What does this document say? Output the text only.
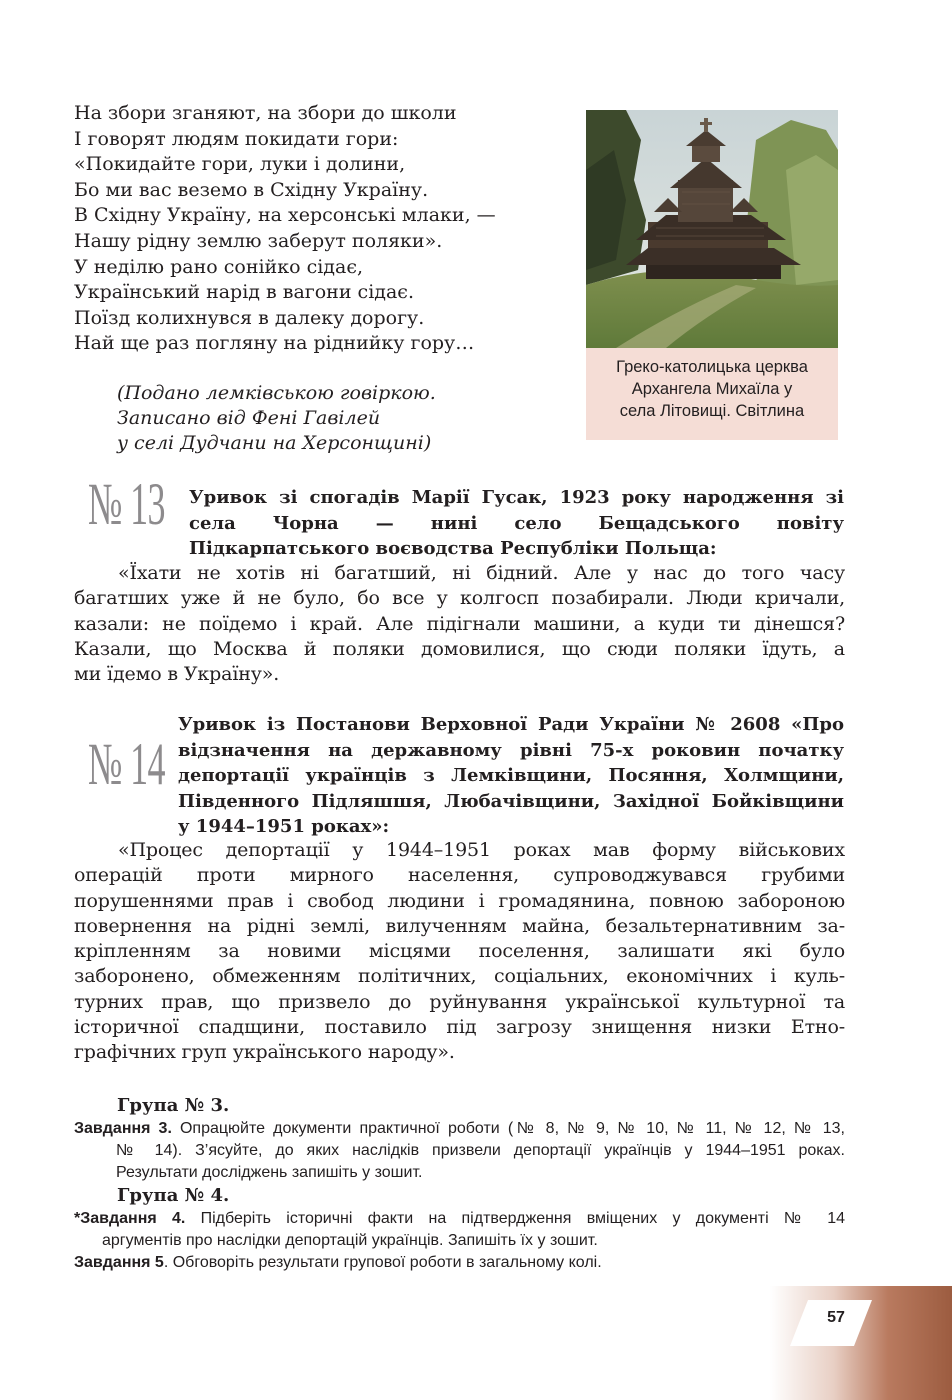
На збори зганяют, на збори до школи
І говорят людям покидати гори:
«Покидайте гори, луки і долини,
Бо ми вас веземо в Східну Україну.
В Східну Україну, на херсонські млаки, —
Нашу рідну землю заберут поляки».
У неділю рано сонійко сідає,
Український нарід в вагони сідає.
Поїзд колихнувся в далеку дорогу.
Най ще раз погляну на ріднийку гору…
(Подано лемківською говіркою.
Записано від Фені Гавілей
у селі Дудчани на Херсонщині)
Греко-католицька церква
Архангела Михаїла у
села Літовищі. Світлина
№ 13 Уривок зі спогадів Марії Гусак, 1923 року народження зі
села Чорна — нині село Бещадського повіту
Підкарпатського воєводства Республіки Польща:
«Їхати не хотів ні багатший, ні бідний. Але у нас до того часу
багатших уже й не було, бо все у колгосп позабирали. Люди кричали,
казали: не поїдемо і край. Але підігнали машини, а куди ти дінешся?
Казали, що Москва й поляки домовилися, що сюди поляки їдуть, а
ми їдемо в Україну».
№ 14
Уривок із Постанови Верховної Ради України № 2608 «Про
відзначення на державному рівні 75-х роковин початку
депортації українців з Лемківщини, Посяння, Холмщини,
Південного Підляшшя, Любачівщини, Західної Бойківщини
у 1944–1951 роках»:
«Процес депортації у 1944–1951 роках мав форму військових
операцій проти мирного населення, супроводжувався грубими
порушеннями прав і свобод людини і громадянина, повною забороною
повернення на рідні землі, вилученням майна, безальтернативним за-
кріпленням за новими місцями поселення, залишати які було
заборонено, обмеженням політичних, соціальних, економічних і куль-
турних прав, що призвело до руйнування української культурної та
історичної спадщини, поставило під загрозу знищення низки Етно-
графічних груп українського народу».
Група № 3.
Завдання 3. Опрацюйте документи практичної роботи (№ 8, № 9, № 10, № 11, № 12, № 13,
№ 14). З’ясуйте, до яких наслідків призвели депортації українців у 1944–1951 роках.
Результати досліджень запишіть у зошит.
Група № 4.
*Завдання 4. Підберіть історичні факти на підтвердження вміщених у документі № 14
аргументів про наслідки депортацій українців. Запишіть їх у зошит.
Завдання 5. Обговоріть результати групової роботи в загальному колі.
57
